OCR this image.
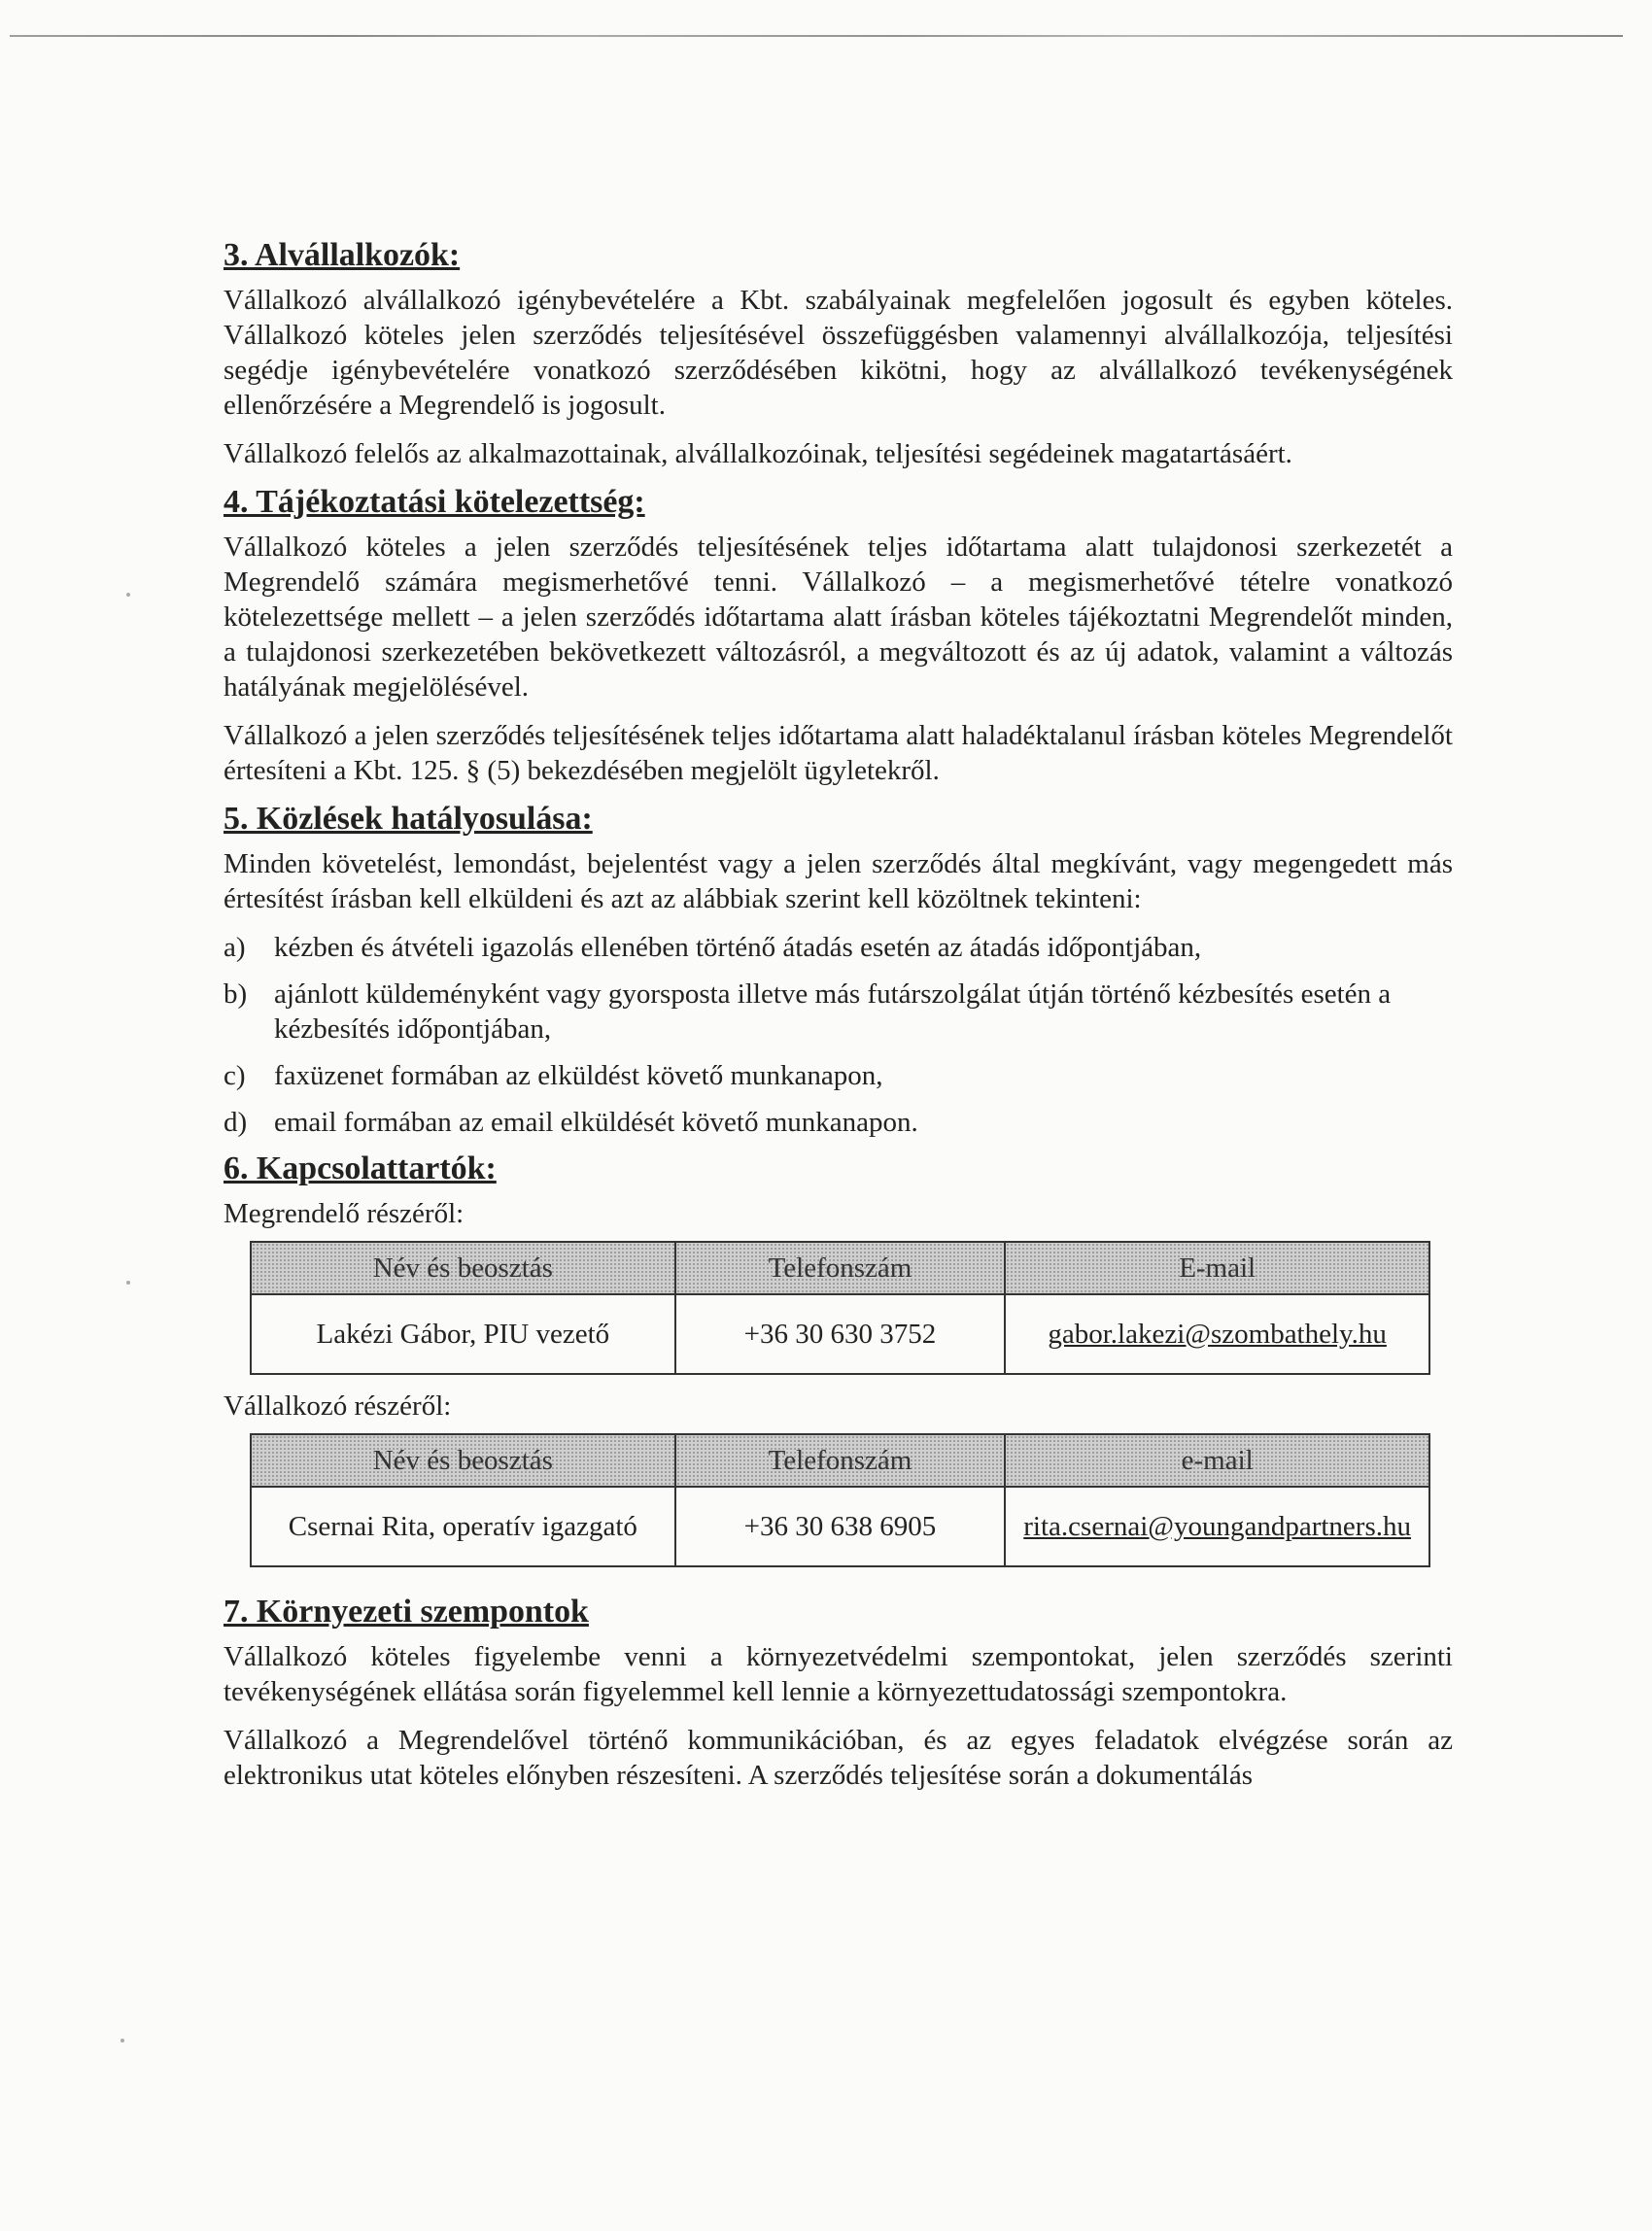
3. Alvállalkozók:

Vállalkozó alvállalkozó igénybevételére a Kbt. szabályainak megfelelően jogosult és egyben köteles. Vállalkozó köteles jelen szerződés teljesítésével összefüggésben valamennyi alvállalkozója, teljesítési segédje igénybevételére vonatkozó szerződésében kikötni, hogy az alvállalkozó tevékenységének ellenőrzésére a Megrendelő is jogosult.

Vállalkozó felelős az alkalmazottainak, alvállalkozóinak, teljesítési segédeinek magatartásáért.

4. Tájékoztatási kötelezettség:

Vállalkozó köteles a jelen szerződés teljesítésének teljes időtartama alatt tulajdonosi szerkezetét a Megrendelő számára megismerhetővé tenni. Vállalkozó – a megismerhetővé tételre vonatkozó kötelezettsége mellett – a jelen szerződés időtartama alatt írásban köteles tájékoztatni Megrendelőt minden, a tulajdonosi szerkezetében bekövetkezett változásról, a megváltozott és az új adatok, valamint a változás hatályának megjelölésével.

Vállalkozó a jelen szerződés teljesítésének teljes időtartama alatt haladéktalanul írásban köteles Megrendelőt értesíteni a Kbt. 125. § (5) bekezdésében megjelölt ügyletekről.

5. Közlések hatályosulása:

Minden követelést, lemondást, bejelentést vagy a jelen szerződés által megkívánt, vagy megengedett más értesítést írásban kell elküldeni és azt az alábbiak szerint kell közöltnek tekinteni:

a)	kézben és átvételi igazolás ellenében történő átadás esetén az átadás időpontjában,
b) ajánlott küldeményként vagy gyorsposta illetve más futárszolgálat útján történő kézbesítés esetén a kézbesítés időpontjában,
c)	faxüzenet formában az elküldést követő munkanapon,
d) email formában az email elküldését követő munkanapon.
6. Kapcsolattartók:

Megrendelő részéről:

Név és beosztás	Telefonszám	E-mail
Lakézi Gábor, PIU vezető	+36 30 630 3752	gabor.lakezi@szombathely.hu

Vállalkozó részéről:

Név és beosztás	Telefonszám	e-mail
Csernai Rita, operatív igazgató	+36 30 638 6905	rita.csernai@youngandpartners.hu
7. Környezeti szempontok

Vállalkozó köteles figyelembe venni a környezetvédelmi szempontokat, jelen szerződés szerinti tevékenységének ellátása során figyelemmel kell lennie a környezettudatossági szempontokra.

Vállalkozó a Megrendelővel történő kommunikációban, és az egyes feladatok elvégzése során az elektronikus utat köteles előnyben részesíteni. A szerződés teljesítése során a dokumentálás
